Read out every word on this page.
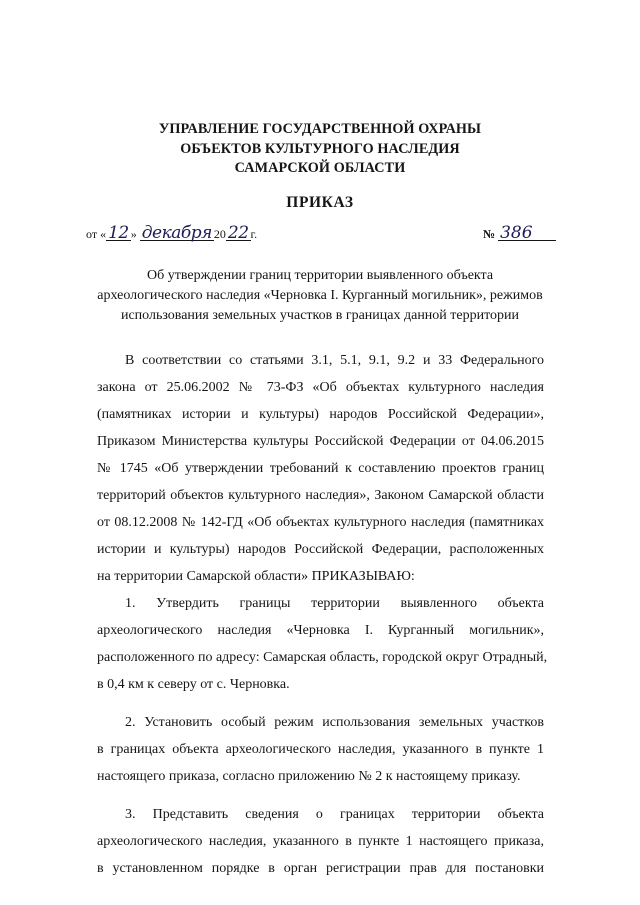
УПРАВЛЕНИЕ ГОСУДАРСТВЕННОЙ ОХРАНЫ
ОБЪЕКТОВ КУЛЬТУРНОГО НАСЛЕДИЯ
САМАРСКОЙ ОБЛАСТИ
ПРИКАЗ
от « 12 » декабря 20 22 г.	№ 386
Об утверждении границ территории выявленного объекта
археологического наследия «Черновка I. Курганный могильник», режимов
использования земельных участков в границах данной территории
В соответствии со статьями 3.1, 5.1, 9.1, 9.2 и 33 Федерального
закона от 25.06.2002 № 73-ФЗ «Об объектах культурного наследия
(памятниках истории и культуры) народов Российской Федерации»,
Приказом Министерства культуры Российской Федерации от 04.06.2015
№ 1745 «Об утверждении требований к составлению проектов границ
территорий объектов культурного наследия», Законом Самарской области
от 08.12.2008 № 142-ГД «Об объектах культурного наследия (памятниках
истории и культуры) народов Российской Федерации, расположенных
на территории Самарской области» ПРИКАЗЫВАЮ:
1. Утвердить границы территории выявленного объекта
археологического наследия «Черновка I. Курганный могильник»,
расположенного по адресу: Самарская область, городской округ Отрадный,
в 0,4 км к северу от с. Черновка.
2. Установить особый режим использования земельных участков
в границах объекта археологического наследия, указанного в пункте 1
настоящего приказа, согласно приложению № 2 к настоящему приказу.
3. Представить сведения о границах территории объекта
археологического наследия, указанного в пункте 1 настоящего приказа,
в установленном порядке в орган регистрации прав для постановки
